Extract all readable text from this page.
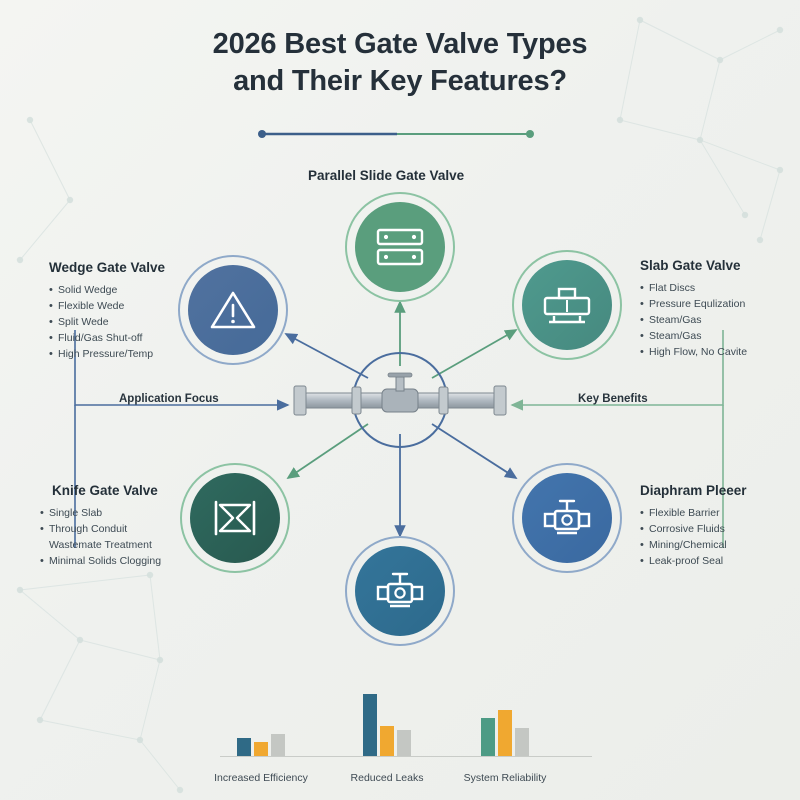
2026 Best Gate Valve Types
and Their Key Features?
Application Focus	Key Benefits
Parallel Slide Gate Valve
Slab Gate Valve
• Flat Discs
• Pressure Equlization
• Steam/Gas
• Steam/Gas
• High Flow, No Cavite
Wedge Gate Valve
• Solid Wedge
• Flexible Wede
• Split Wede
• Fluid/Gas Shut-off
• High Pressure/Temp
Knife Gate Valve
• Single Slab
• Through Conduit
Wastemate Treatment
• Minimal Solids Clogging
Diaphram Pleeer
• Flexible Barrier
• Corrosive Fluids
• Mining/Chemical
• Leak-proof Seal
Increased Efficiency	Reduced Leaks	System Reliability
